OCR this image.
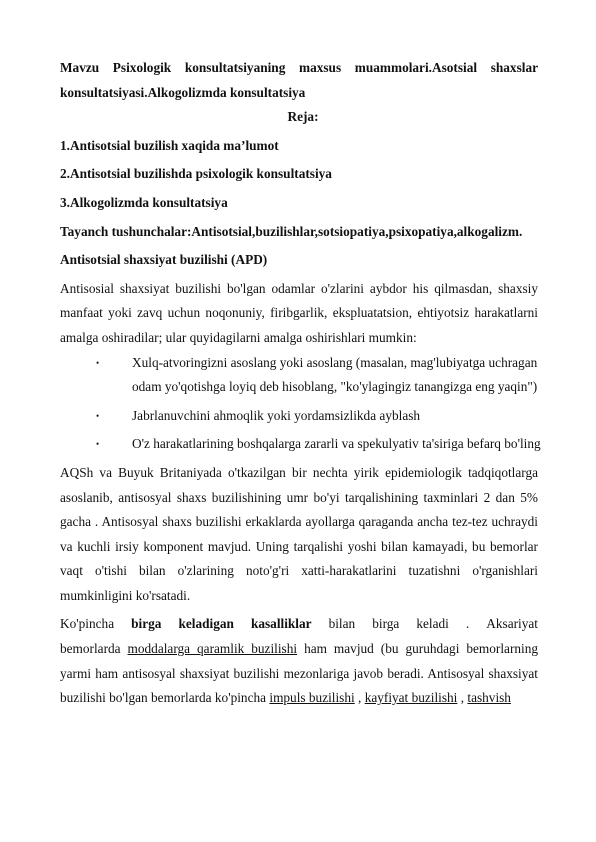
Mavzu Psixologik konsultatsiyaning maxsus muammolari.Asotsial shaxslar konsultatsiyasi.Alkogolizmda konsultatsiya

Reja:

1.Antisotsial buzilish xaqida ma’lumot

2.Antisotsial buzilishda psixologik konsultatsiya

3.Alkogolizmda konsultatsiya

Tayanch tushunchalar:Antisotsial,buzilishlar,sotsiopatiya,psixopatiya,alkogalizm.

Antisotsial shaxsiyat buzilishi (APD)

Antisosial shaxsiyat buzilishi bo'lgan odamlar o'zlarini aybdor his qilmasdan, shaxsiy manfaat yoki zavq uchun noqonuniy, firibgarlik, ekspluatatsion, ehtiyotsiz harakatlarni amalga oshiradilar; ular quyidagilarni amalga oshirishlari mumkin:

• Xulq-atvoringizni asoslang yoki asoslang (masalan, mag'lubiyatga uchragan odam yo'qotishga loyiq deb hisoblang, "ko'ylagingiz tanangizga eng yaqin")
• Jabrlanuvchini ahmoqlik yoki yordamsizlikda ayblash
• O'z harakatlarining boshqalarga zararli va spekulyativ ta'siriga befarq bo'ling

AQSh va Buyuk Britaniyada o'tkazilgan bir nechta yirik epidemiologik tadqiqotlarga asoslanib, antisosyal shaxs buzilishining umr bo'yi tarqalishining taxminlari 2 dan 5% gacha . Antisosyal shaxs buzilishi erkaklarda ayollarga qaraganda ancha tez-tez uchraydi va kuchli irsiy komponent mavjud. Uning tarqalishi yoshi bilan kamayadi, bu bemorlar vaqt o'tishi bilan o'zlarining noto'g'ri xatti-harakatlarini tuzatishni o'rganishlari mumkinligini ko'rsatadi.

Ko'pincha birga keladigan kasalliklar bilan birga keladi . Aksariyat

bemorlarda moddalarga qaramlik buzilishi ham mavjud (bu guruhdagi bemorlarning yarmi ham antisosyal shaxsiyat buzilishi mezonlariga javob beradi. Antisosyal shaxsiyat buzilishi bo'lgan bemorlarda ko'pincha impuls buzilishi , kayfiyat buzilishi , tashvish
